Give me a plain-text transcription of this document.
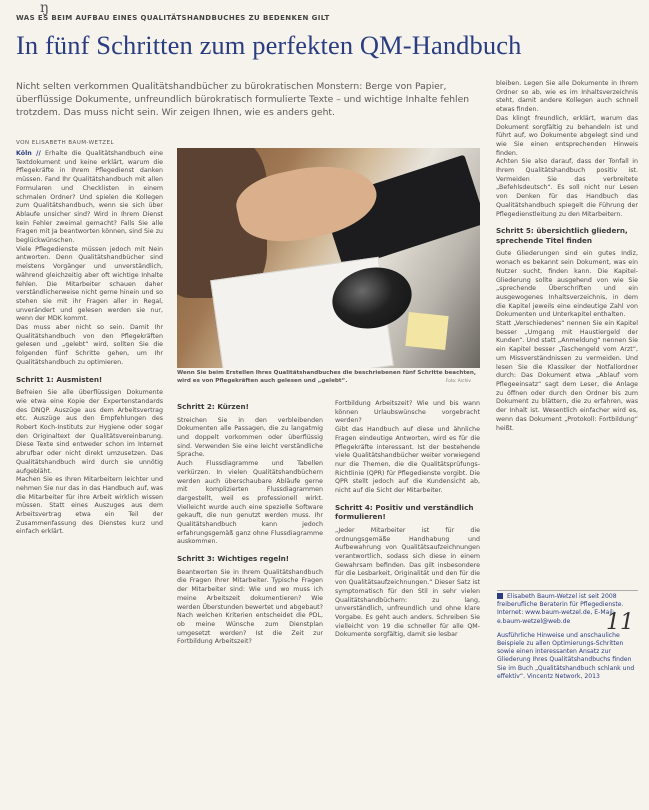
ŋ
WAS ES BEIM AUFBAU EINES QUALITÄTSHANDBUCHES ZU BEDENKEN GILT
In fünf Schritten zum perfekten QM-Handbuch
Nicht selten verkommen Qualitätshandbücher zu bürokratischen Monstern: Berge von Papier, überflüssige Dokumente, unfreundlich bürokratisch formulierte Texte – und wichtige Inhalte fehlen trotzdem. Das muss nicht sein. Wir zeigen Ihnen, wie es anders geht.
VON ELISABETH BAUM-WETZEL

Köln // Erhalte die Qualitätshandbuch eine Textdokument und keine erklärt, warum die Pflegekräfte in Ihrem Pflegedienst danken müssen. Fand Ihr Qualitätshandbuch mit allen Formularen und Checklisten in einem schmalen Ordner? Und spielen die Kollegen zum Qualitätshandbuch, wenn sie sich über Ablaufe unsicher sind? Wird in Ihrem Dienst kein Fehler zweimal gemacht? Falls Sie alle Fragen mit Ja beantworten können, sind Sie zu beglückwünschen.

Viele Pflegedienste müssen jedoch mit Nein antworten. Denn Qualitätshandbücher sind meistens Vorgänger und unverständlich, während gleichzeitig aber oft wichtige Inhalte fehlen. Die Mitarbeiter schauen daher verständlicherweise nicht gerne hinein und so stehen sie mit ihr Fragen aller in Regal, unverändert und gelesen werden sie nur, wenn der MDK kommt.

Das muss aber nicht so sein. Damit Ihr Qualitätshandbuch von den Pflegekräften gelesen und „gelebt“ wird, sollten Sie die folgenden fünf Schritte gehen, um Ihr Qualitätshandbuch zu optimieren.

Schritt 1: Ausmisten!

Befreien Sie alle überflüssigen Dokumente wie etwa eine Kopie der Expertenstandards des DNQP. Auszüge aus dem Arbeitsvertrag etc. Auszüge aus den Empfehlungen des Robert Koch-Instituts zur Hygiene oder sogar den Originaltext der Qualitätsvereinbarung. Diese Texte sind entweder schon im Internet abrufbar oder nicht direkt umzusetzen. Das Qualitätshandbuch wird durch sie unnötig aufgebläht.

Machen Sie es Ihren Mitarbeitern leichter und nehmen Sie nur das in das Handbuch auf, was die Mitarbeiter für ihre Arbeit wirklich wissen müssen. Statt eines Auszuges aus dem Arbeitsvertrag etwa ein Teil der Zusammenfassung des Dienstes kurz und einfach erklärt.

Wenn Sie beim Erstellen Ihres Qualitätshandbuches die beschriebenen fünf Schritte beachten, wird es von Pflegekräften auch gelesen und „gelebt“.	Foto: Archiv
Schritt 2: Kürzen!

Streichen Sie in den verbleibenden Dokumenten alle Passagen, die zu langatmig und doppelt vorkommen oder überflüssig sind. Verwenden Sie eine leicht verständliche Sprache.

Auch Flussdiagramme und Tabellen verkürzen. In vielen Qualitätshandbüchern werden auch überschaubare Abläufe gerne mit komplizierten Flussdiagrammen dargestellt, weil es professionell wirkt. Vielleicht wurde auch eine spezielle Software gekauft, die nun genutzt werden muss. Ihr Qualitätshandbuch kann jedoch erfahrungsgemäß ganz ohne Flussdiagramme auskommen.

Schritt 3: Wichtiges regeln!

Beantworten Sie in Ihrem Qualitätshandbuch die Fragen Ihrer Mitarbeiter. Typische Fragen der Mitarbeiter sind: Wie und wo muss ich meine Arbeitszeit dokumentieren? Wie werden Überstunden bewertet und abgebaut? Nach welchen Kriterien entscheidet die PDL, ob meine Wünsche zum Dienstplan umgesetzt werden? Ist die Zeit zur Fortbildung Arbeitszeit?

Fortbildung Arbeitszeit? Wie und bis wann können Urlaubswünsche vorgebracht werden?

Gibt das Handbuch auf diese und ähnliche Fragen eindeutige Antworten, wird es für die Pflegekräfte interessant. Ist der bestehende viele Qualitätshandbücher weiter vorwiegend nur die Themen, die die Qualitätsprüfungs-Richtlinie (QPR) für Pflegedienste vorgibt. Die QPR stellt jedoch auf die Kundensicht ab, nicht auf die Sicht der Mitarbeiter.

Schritt 4: Positiv und verständlich formulieren!

„Jeder Mitarbeiter ist für die ordnungsgemäße Handhabung und Aufbewahrung von Qualitätsaufzeichnungen verantwortlich, sodass sich diese in einem Gewahrsam befinden. Das gilt insbesondere für die Lesbarkeit, Originalität und den für die von Qualitätsaufzeichnungen.“ Dieser Satz ist symptomatisch für den Stil in sehr vielen Qualitätshandbüchern: zu lang, unverständlich, unfreundlich und ohne klare Vorgabe. Es geht auch anders. Schreiben Sie vielleicht von 19 die schneller für alle QM-Dokumente sorgfältig, damit sie lesbar

bleiben. Legen Sie alle Dokumente in Ihrem Ordner so ab, wie es im Inhaltsverzeichnis steht, damit andere Kollegen auch schnell etwas finden.

Das klingt freundlich, erklärt, warum das Dokument sorgfältig zu behandeln ist und führt auf, wo Dokumente abgelegt sind und wie Sie einen entsprechenden Hinweis finden.

Achten Sie also darauf, dass der Tonfall in Ihrem Qualitätshandbuch positiv ist. Vermeiden Sie das verbreitete „Befehlsdeutsch“. Es soll nicht nur Lesen von Denken für das Handbuch das Qualitätshandbuch spiegelt die Führung der Pflegedienstleitung zu den Mitarbeitern.

Schritt 5: übersichtlich gliedern, sprechende Titel finden

Gute Gliederungen sind ein gutes Indiz, wonach es bekannt sein Dokument, was ein Nutzer sucht, finden kann. Die Kapitel-Gliederung sollte ausgehend von wie Sie „sprechende Überschriften und ein ausgewogenes Inhaltsverzeichnis, in dem die Kapitel jeweils eine eindeutige Zahl von Dokumenten und Unterkapitel enthalten.

Statt „Verschiedenes“ nennen Sie ein Kapitel besser „Umgang mit Haustiergeld der Kunden“. Und statt „Anmeldung“ nennen Sie ein Kapitel besser „Taschengeld vom Arzt“, um Missverständnissen zu vermeiden. Und lesen Sie die Klassiker der Notfallordner durch: Das Dokument etwa „Ablauf vom Pflegeeinsatz“ sagt dem Leser, die Anlage zu öffnen oder durch den Ordner bis zum Dokument zu blättern, die zu erfahren, was der Inhalt ist. Wesentlich einfacher wird es, wenn das Dokument „Protokoll: Fortbildung“ heißt.

Elisabeth Baum-Wetzel ist seit 2008 freiberufliche Beraterin für Pflegedienste. Internet: www.baum-wetzel.de, E-Mail: e.baum-wetzel@web.de

Ausführliche Hinweise und anschauliche Beispiele zu allen Optimierungs-Schritten sowie einen interessanten Ansatz zur Gliederung Ihres Qualitätshandbuchs finden Sie im Buch „Qualitätshandbuch schlank und effektiv“. Vincentz Network, 2013

11
